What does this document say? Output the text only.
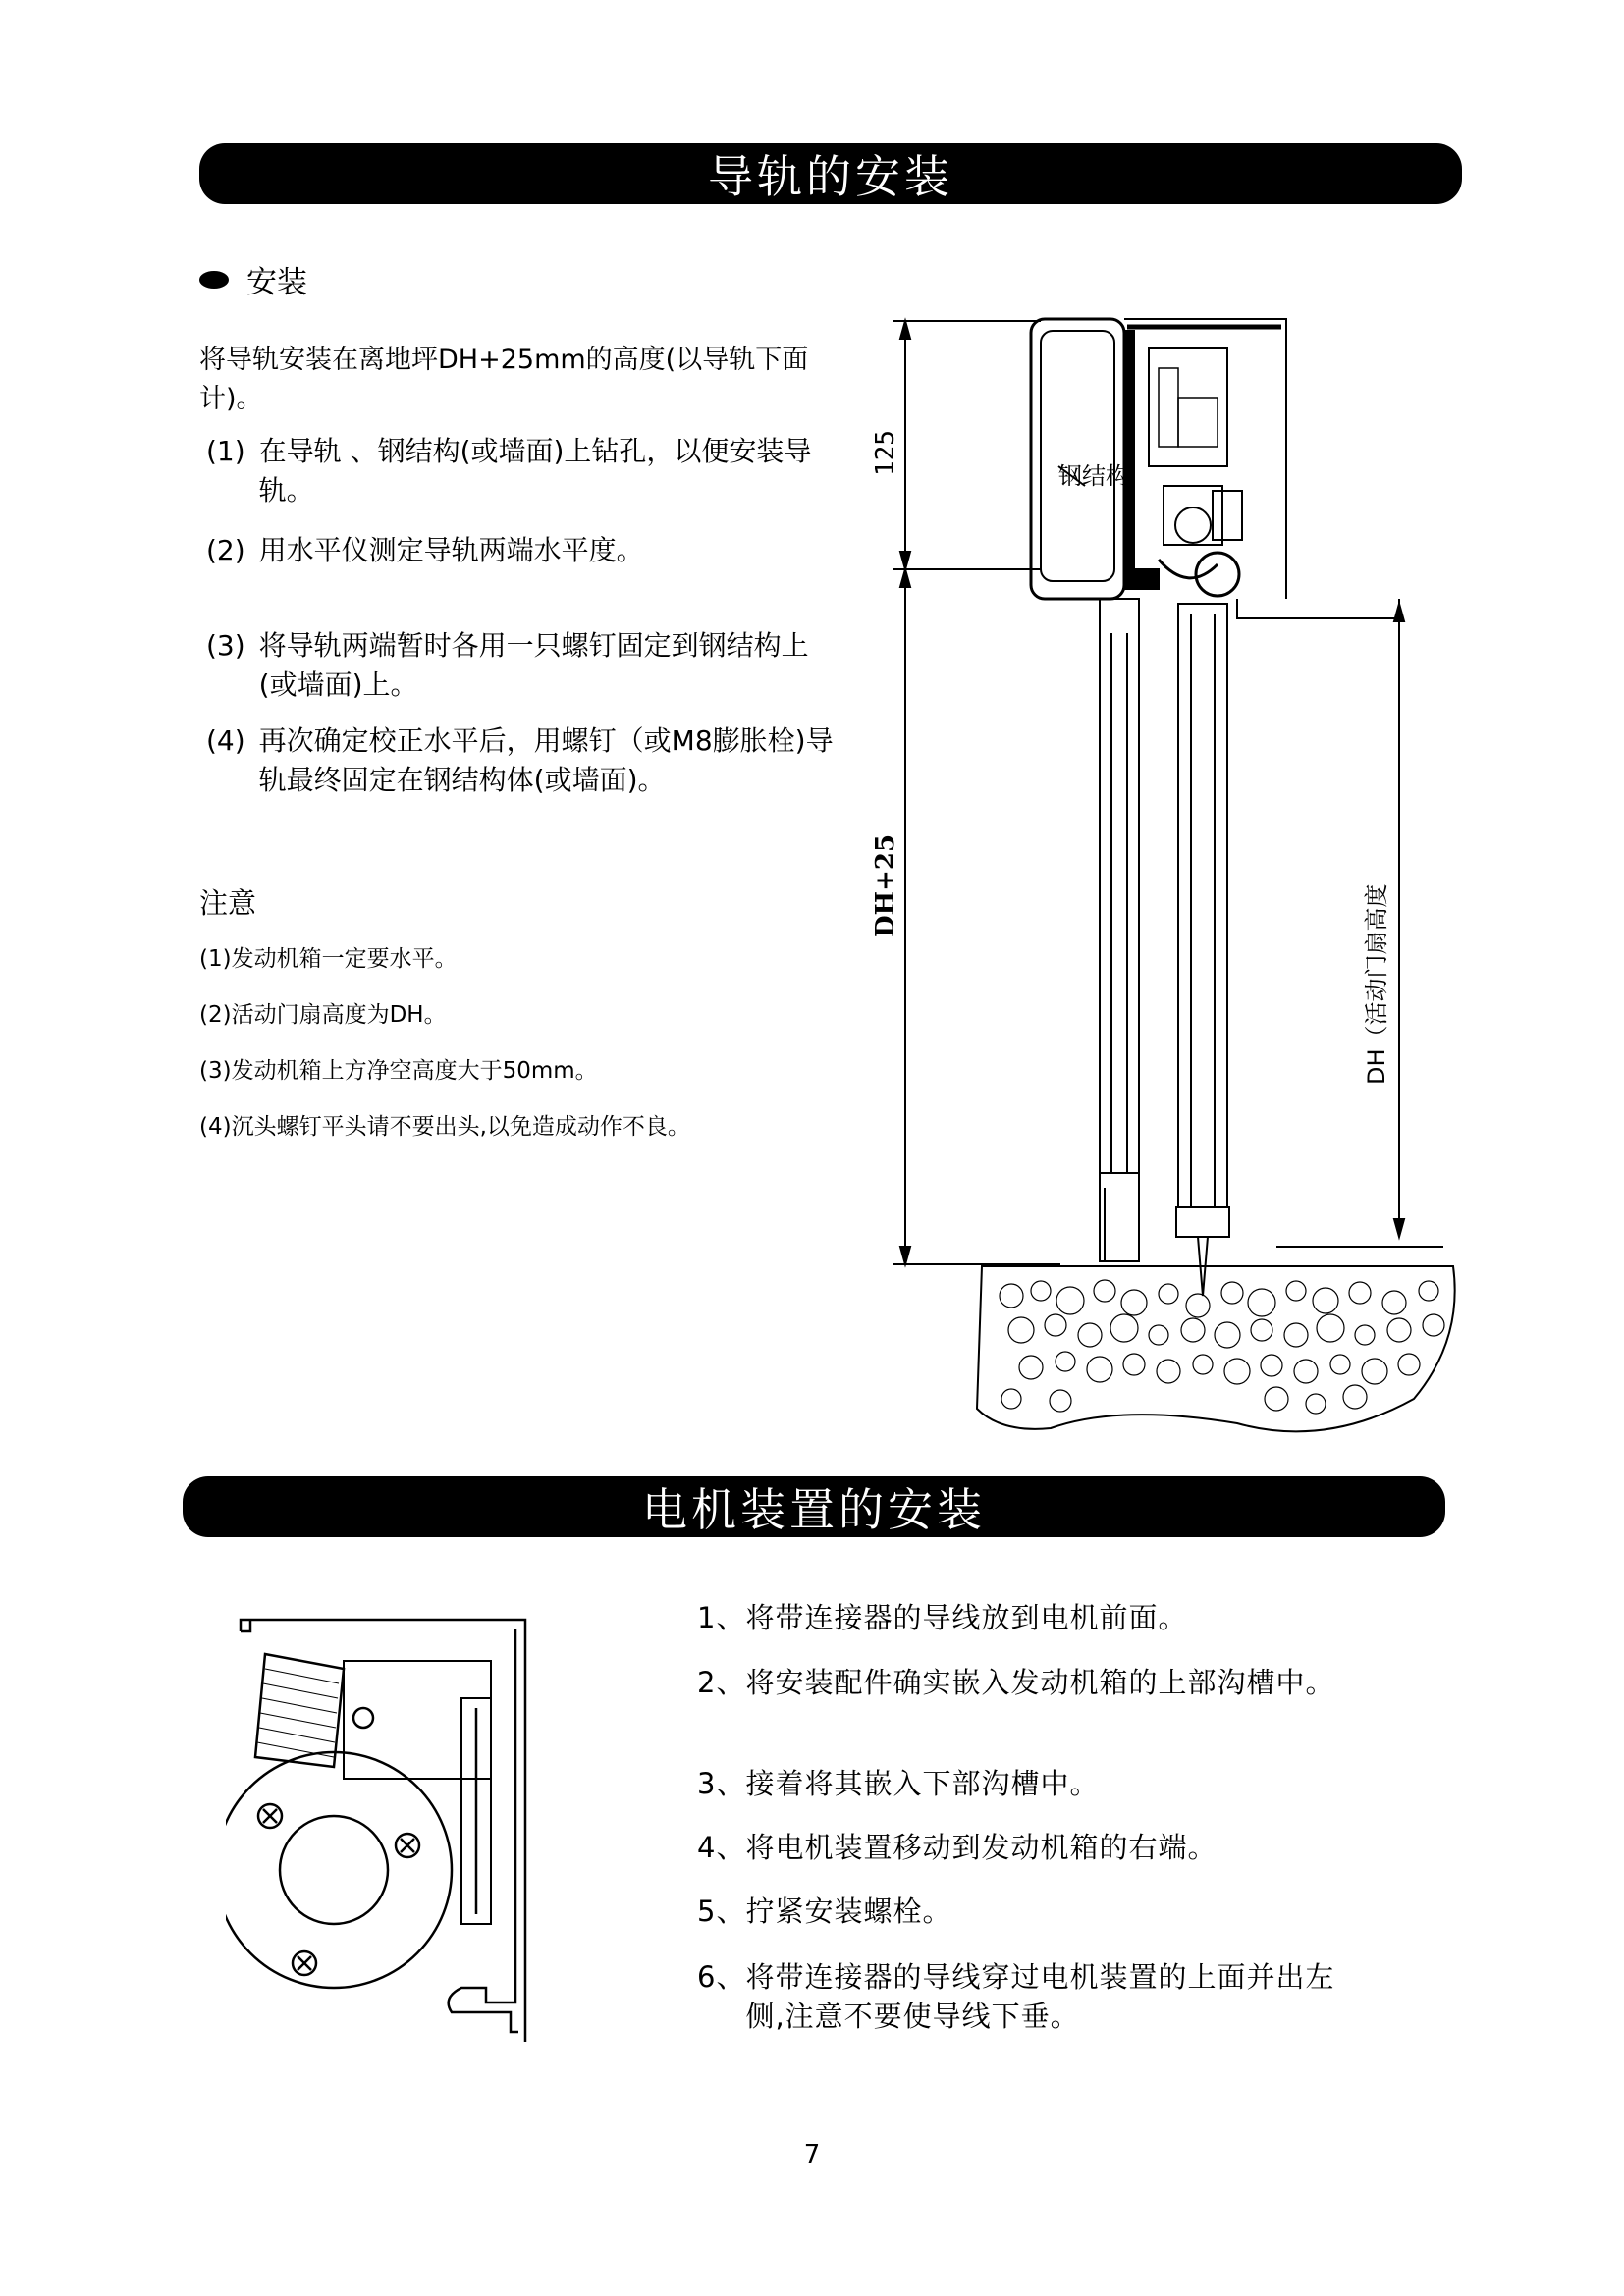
导轨的安装
安装
将导轨安装在离地坪DH+25mm的高度(以导轨下面计)。
(1) 在导轨 、钢结构(或墙面)上钻孔，以便安装导轨。
(2) 用水平仪测定导轨两端水平度。
(3) 将导轨两端暂时各用一只螺钉固定到钢结构上(或墙面)上。
(4) 再次确定校正水平后，用螺钉（或M8膨胀栓)导轨最终固定在钢结构体(或墙面)。
注意
(1)发动机箱一定要水平。
(2)活动门扇高度为DH。
(3)发动机箱上方净空高度大于50mm。
(4)沉头螺钉平头请不要出头,以免造成动作不良。
125
DH+25
钢结构
DH（活动门扇高度
电机装置的安装
1、 将带连接器的导线放到电机前面。
2、 将安装配件确实嵌入发动机箱的上部沟槽中。
3、 接着将其嵌入下部沟槽中。
4、 将电机装置移动到发动机箱的右端。
5、 拧紧安装螺栓。
6、 将带连接器的导线穿过电机装置的上面并出左侧,注意不要使导线下垂。
7
